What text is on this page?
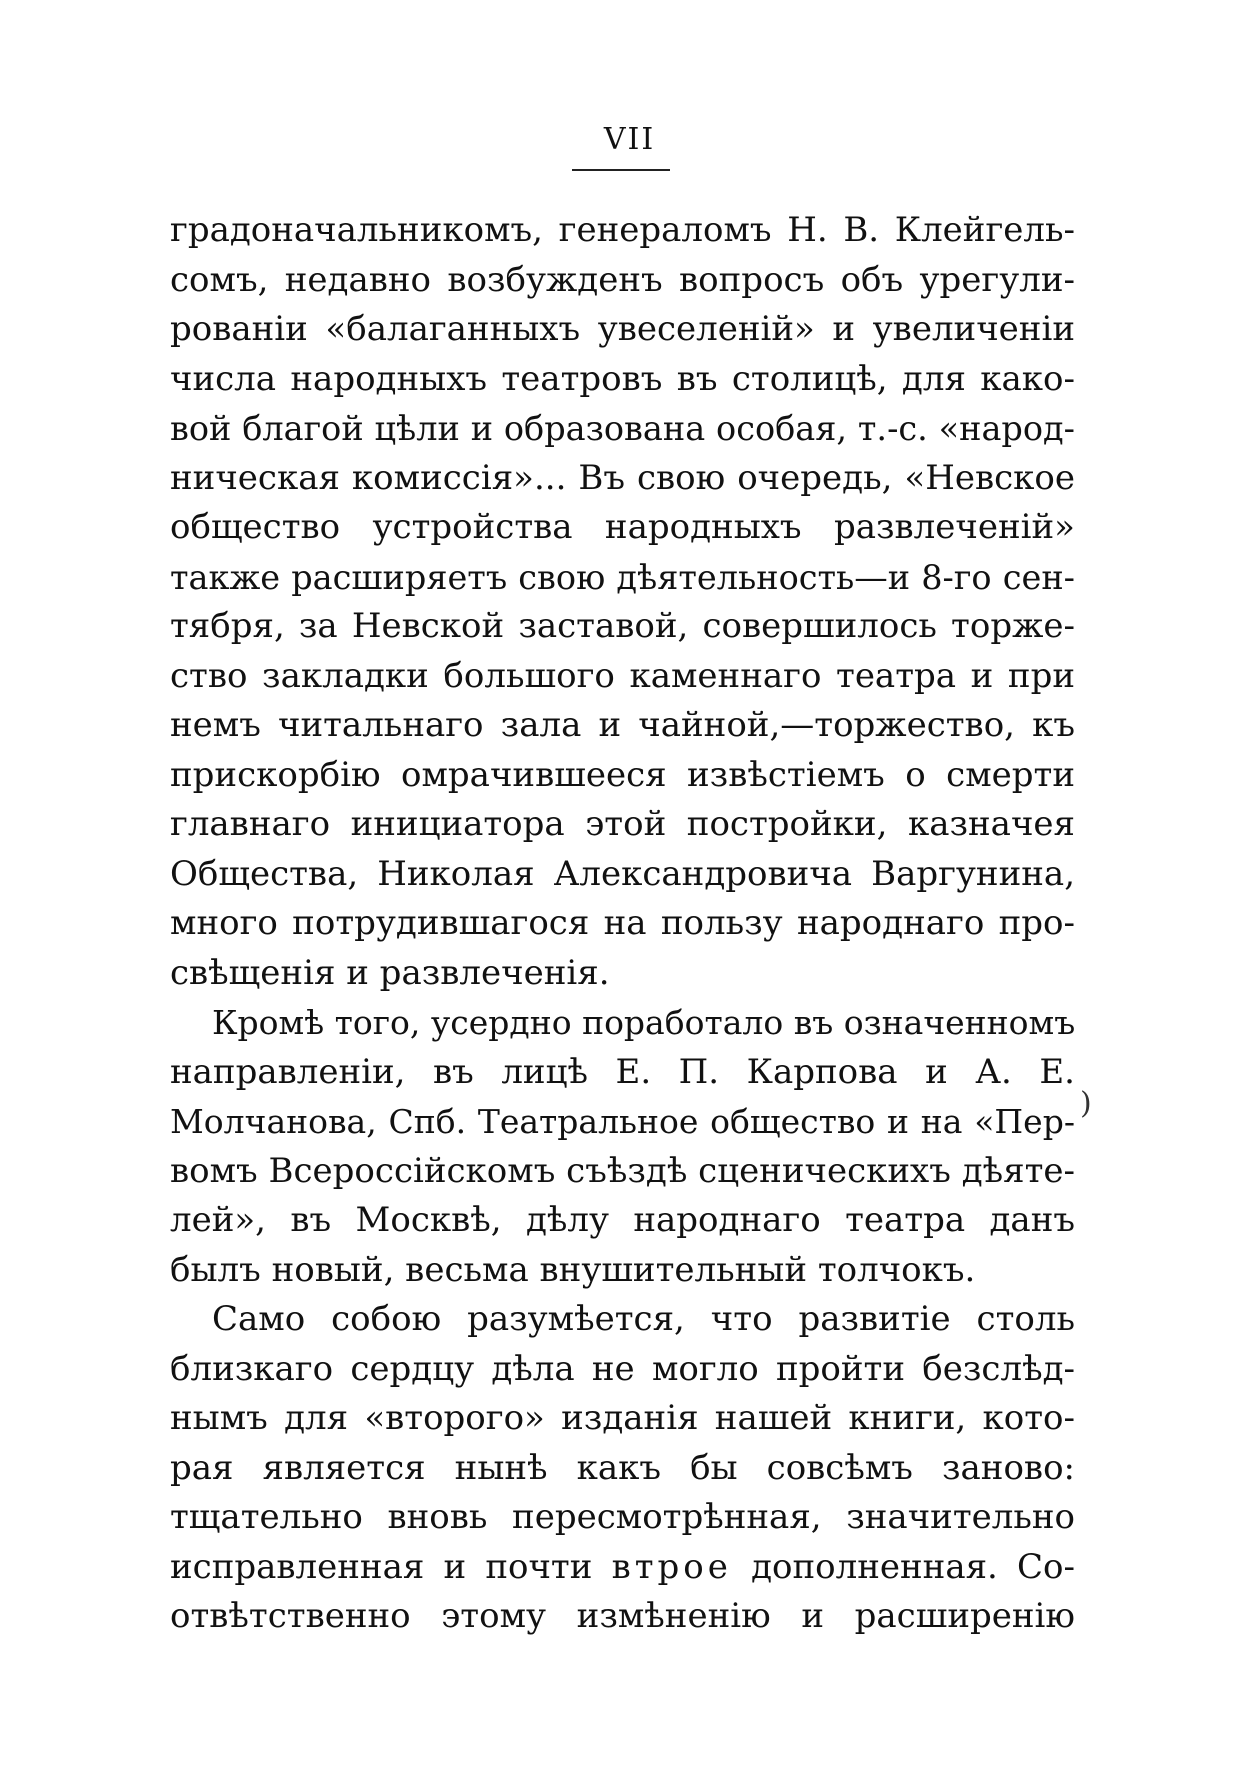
VII
градоначальникомъ, генераломъ Н. В. Клейгель-
сомъ, недавно возбужденъ вопросъ объ урегули-
рованіи «балаганныхъ увеселеній» и увеличеніи
числа народныхъ театровъ въ столицѣ, для како-
вой благой цѣли и образована особая, т.-с. «народ-
ническая комиссія»... Въ свою очередь, «Невское
общество устройства народныхъ развлеченій»
также расширяетъ свою дѣятельность—и 8-го сен-
тября, за Невской заставой, совершилось торже-
ство закладки большого каменнаго театра и при
немъ читальнаго зала и чайной,—торжество, къ
прискорбію омрачившееся извѣстіемъ о смерти
главнаго инициатора этой постройки, казначея
Общества, Николая Александровича Варгунина,
много потрудившагося на пользу народнаго про-
свѣщенія и развлеченія.
Кромѣ того, усердно поработало въ означенномъ
направленіи, въ лицѣ Е. П. Карпова и А. Е.
Молчанова, Спб. Театральное общество и на «Пер-
вомъ Всероссійскомъ съѣздѣ сценическихъ дѣяте-
лей», въ Москвѣ, дѣлу народнаго театра данъ
былъ новый, весьма внушительный толчокъ.
Само собою разумѣется, что развитіе столь
близкаго сердцу дѣла не могло пройти безслѣд-
нымъ для «второго» изданія нашей книги, кото-
рая является нынѣ какъ бы совсѣмъ заново:
тщательно вновь пересмотрѣнная, значительно
исправленная и почти втрое дополненная. Со-
отвѣтственно этому измѣненію и расширенію
)
